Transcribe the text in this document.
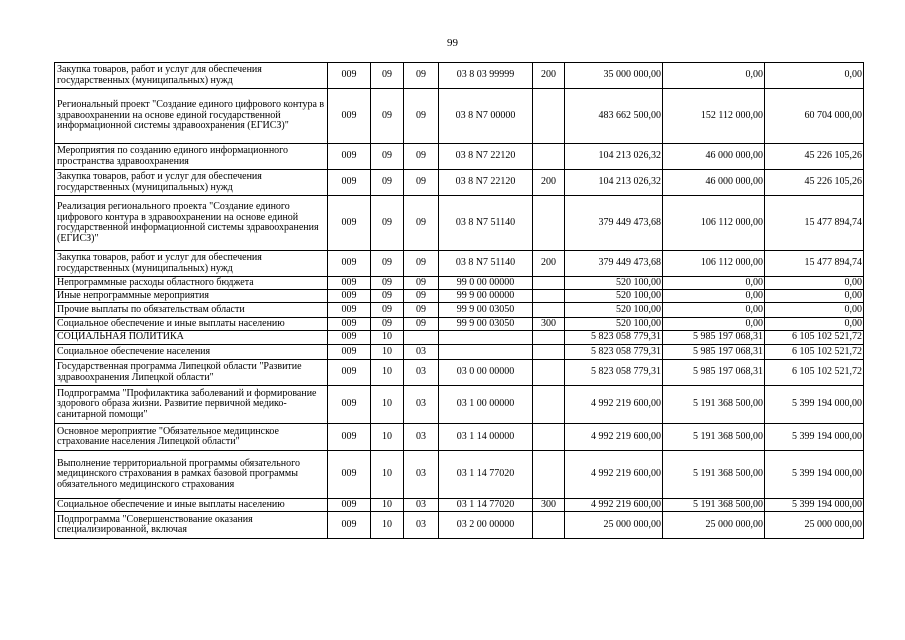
99
Закупка товаров, работ и услуг для обеспечения государственных (муниципальных) нужд	009	09	09	03 8 03 99999	200	35 000 000,00	0,00	0,00
Региональный проект "Создание единого цифрового контура в здравоохранении на основе единой государственной информационной системы здравоохранения (ЕГИСЗ)"	009	09	09	03 8 N7 00000		483 662 500,00	152 112 000,00	60 704 000,00
Мероприятия по созданию единого информационного пространства здравоохранения	009	09	09	03 8 N7 22120		104 213 026,32	46 000 000,00	45 226 105,26
Закупка товаров, работ и услуг для обеспечения государственных (муниципальных) нужд	009	09	09	03 8 N7 22120	200	104 213 026,32	46 000 000,00	45 226 105,26
Реализация регионального проекта "Создание единого цифрового контура в здравоохранении на основе единой государственной информационной системы здравоохранения (ЕГИСЗ)"	009	09	09	03 8 N7 51140		379 449 473,68	106 112 000,00	15 477 894,74
Закупка товаров, работ и услуг для обеспечения государственных (муниципальных) нужд	009	09	09	03 8 N7 51140	200	379 449 473,68	106 112 000,00	15 477 894,74
Непрограммные расходы областного бюджета	009	09	09	99 0 00 00000		520 100,00	0,00	0,00
Иные непрограммные мероприятия	009	09	09	99 9 00 00000		520 100,00	0,00	0,00
Прочие выплаты по обязательствам области	009	09	09	99 9 00 03050		520 100,00	0,00	0,00
Социальное обеспечение и иные выплаты населению	009	09	09	99 9 00 03050	300	520 100,00	0,00	0,00
СОЦИАЛЬНАЯ ПОЛИТИКА	009	10				5 823 058 779,31	5 985 197 068,31	6 105 102 521,72
Социальное обеспечение населения	009	10	03			5 823 058 779,31	5 985 197 068,31	6 105 102 521,72
Государственная программа Липецкой области "Развитие здравоохранения Липецкой области"	009	10	03	03 0 00 00000		5 823 058 779,31	5 985 197 068,31	6 105 102 521,72
Подпрограмма "Профилактика заболеваний и формирование здорового образа жизни. Развитие первичной медико-санитарной помощи"	009	10	03	03 1 00 00000		4 992 219 600,00	5 191 368 500,00	5 399 194 000,00
Основное мероприятие "Обязательное медицинское страхование населения Липецкой области"	009	10	03	03 1 14 00000		4 992 219 600,00	5 191 368 500,00	5 399 194 000,00
Выполнение территориальной программы обязательного медицинского страхования в рамках базовой программы обязательного медицинского страхования	009	10	03	03 1 14 77020		4 992 219 600,00	5 191 368 500,00	5 399 194 000,00
Социальное обеспечение и иные выплаты населению	009	10	03	03 1 14 77020	300	4 992 219 600,00	5 191 368 500,00	5 399 194 000,00
Подпрограмма "Совершенствование оказания специализированной, включая	009	10	03	03 2 00 00000		25 000 000,00	25 000 000,00	25 000 000,00
